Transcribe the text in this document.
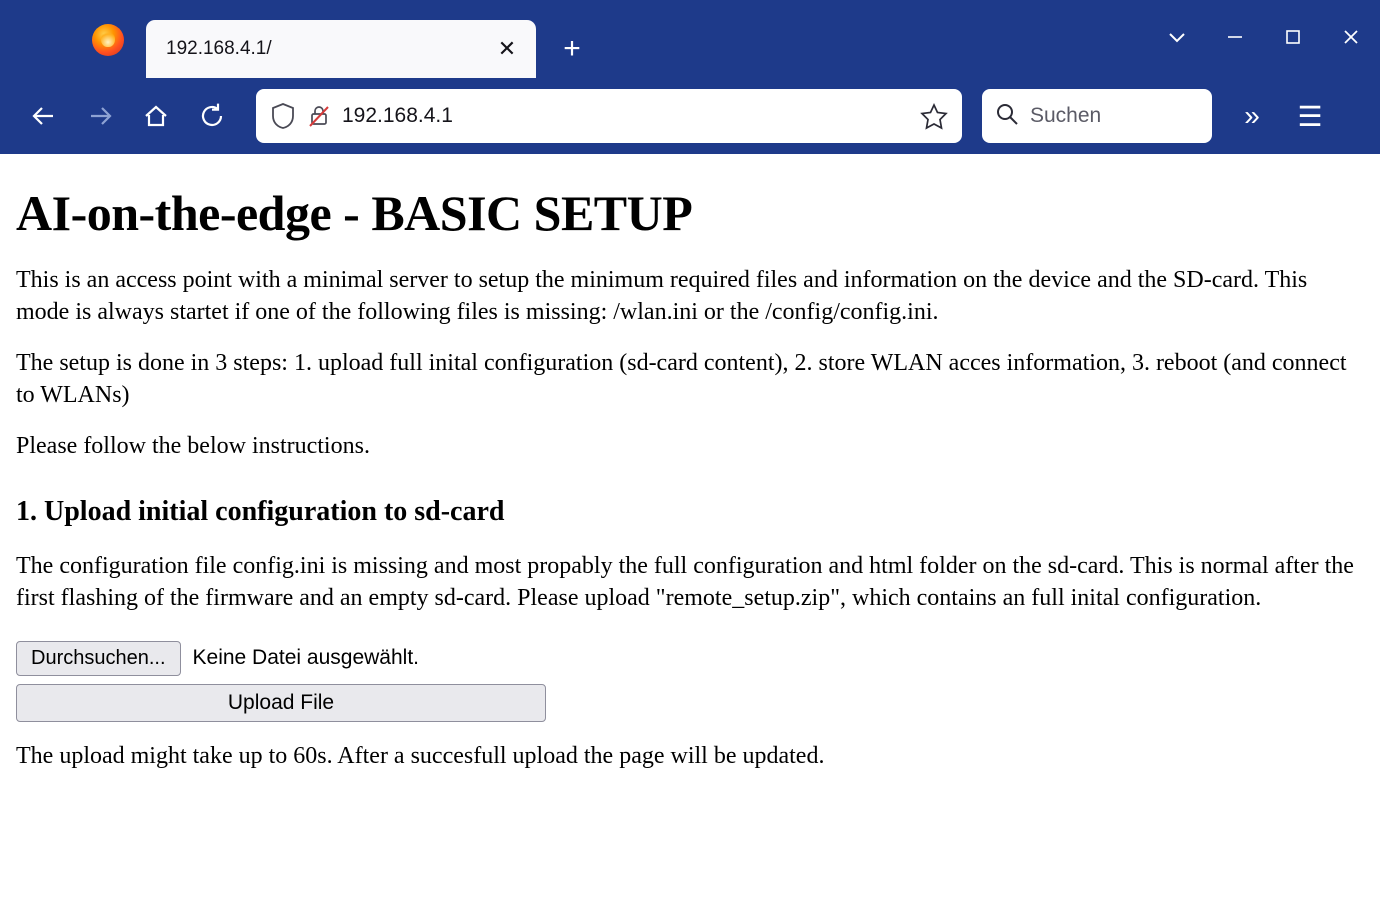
192.168.4.1/	✕	+
192.168.4.1	Suchen	»	☰
AI-on-the-edge - BASIC SETUP

This is an access point with a minimal server to setup the minimum required files and information on the device and the SD-card. This mode is always startet if one of the following files is missing: /wlan.ini or the /config/config.ini.

The setup is done in 3 steps: 1. upload full inital configuration (sd-card content), 2. store WLAN acces information, 3. reboot (and connect to WLANs)

Please follow the below instructions.

1. Upload initial configuration to sd-card

The configuration file config.ini is missing and most propably the full configuration and html folder on the sd-card. This is normal after the first flashing of the firmware and an empty sd-card. Please upload "remote_setup.zip", which contains an full inital configuration.

Durchsuchen...	Keine Datei ausgewählt.
Upload File

The upload might take up to 60s. After a succesfull upload the page will be updated.
